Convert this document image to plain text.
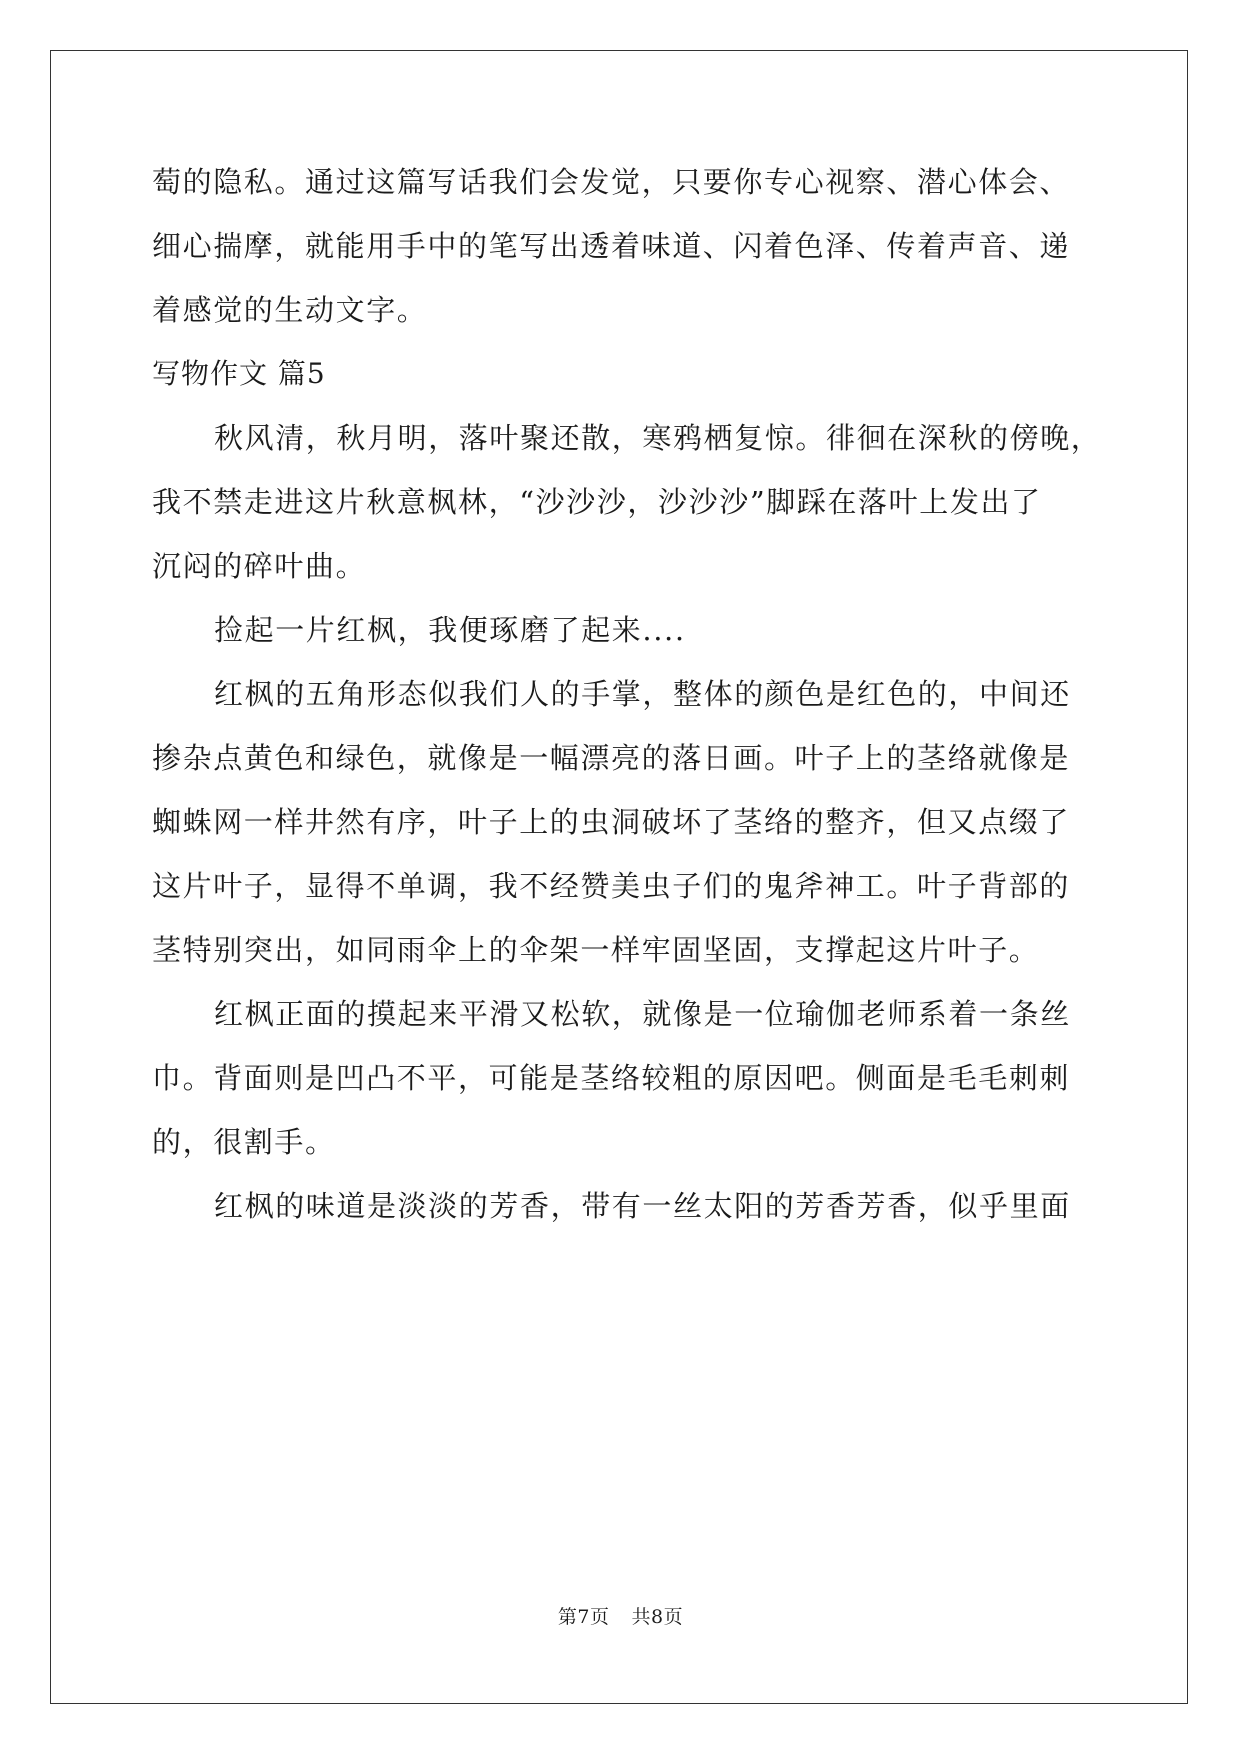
萄的隐私。通过这篇写话我们会发觉，只要你专心视察、潜心体会、
细心揣摩，就能用手中的笔写出透着味道、闪着色泽、传着声音、递
着感觉的生动文字。
写物作文 篇5
秋风清，秋月明，落叶聚还散，寒鸦栖复惊。徘徊在深秋的傍晚，
我不禁走进这片秋意枫林，“沙沙沙，沙沙沙”脚踩在落叶上发出了
沉闷的碎叶曲。
捡起一片红枫，我便琢磨了起来....
红枫的五角形态似我们人的手掌，整体的颜色是红色的，中间还
掺杂点黄色和绿色，就像是一幅漂亮的落日画。叶子上的茎络就像是
蜘蛛网一样井然有序，叶子上的虫洞破坏了茎络的整齐，但又点缀了
这片叶子，显得不单调，我不经赞美虫子们的鬼斧神工。叶子背部的
茎特别突出，如同雨伞上的伞架一样牢固坚固，支撑起这片叶子。
红枫正面的摸起来平滑又松软，就像是一位瑜伽老师系着一条丝
巾。背面则是凹凸不平，可能是茎络较粗的原因吧。侧面是毛毛刺刺
的，很割手。
红枫的味道是淡淡的芳香，带有一丝太阳的芳香芳香，似乎里面
第7页 共8页
